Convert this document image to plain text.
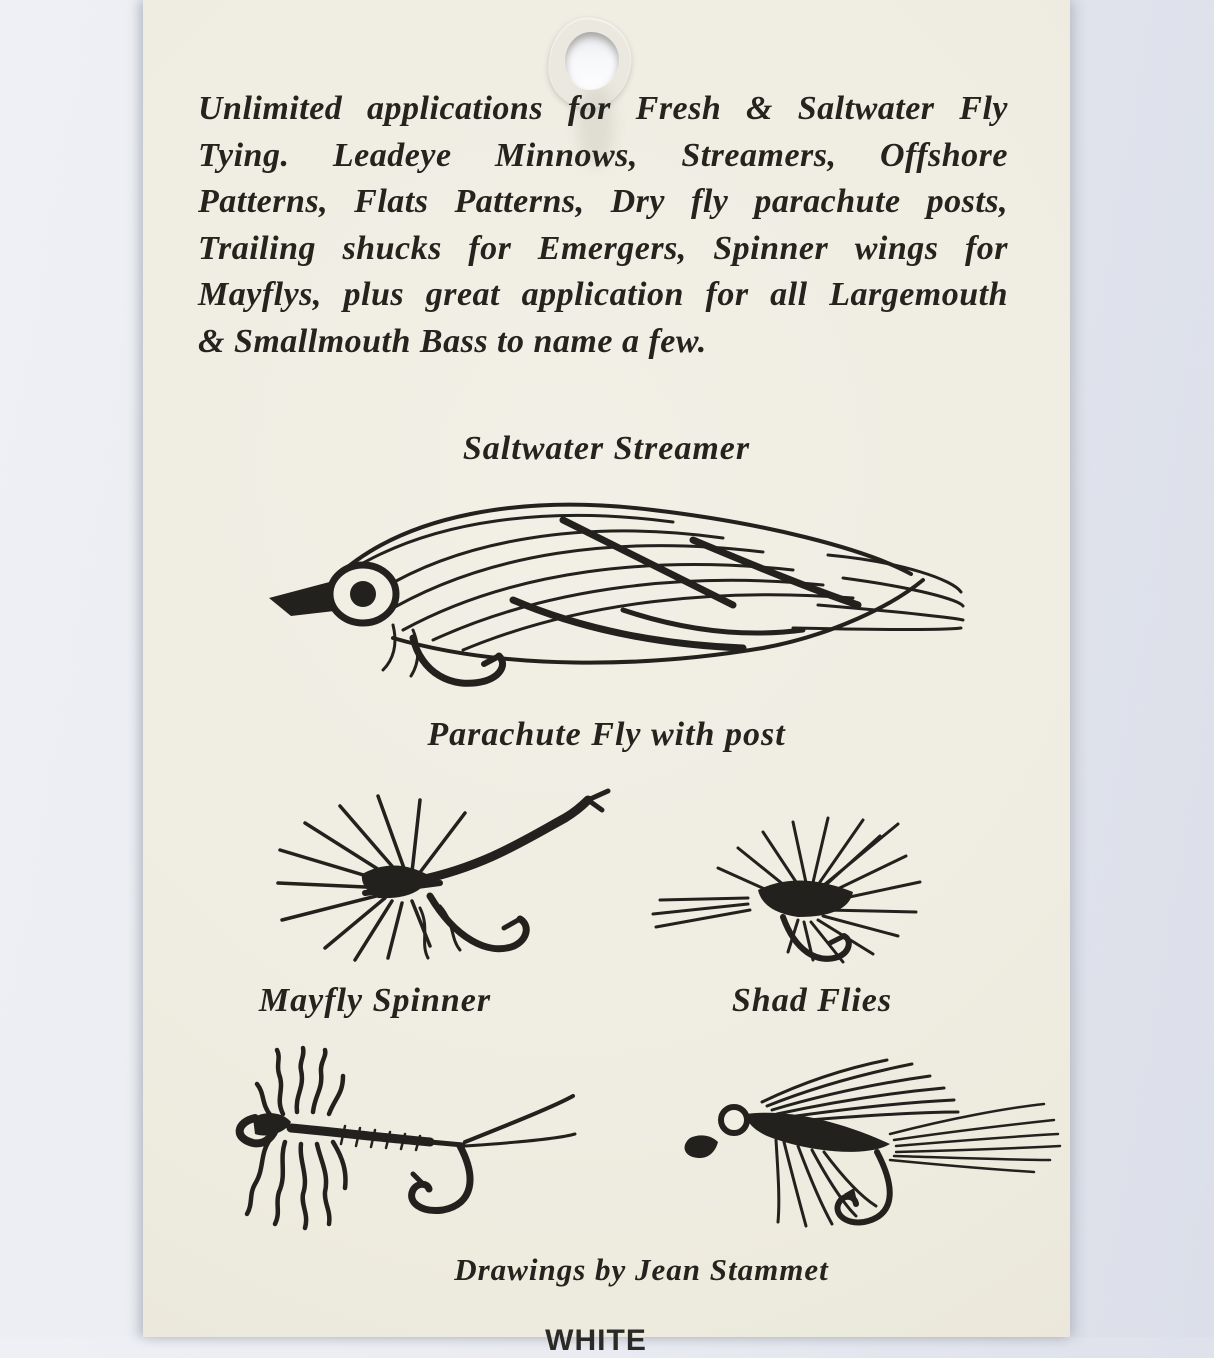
Unlimited applications for Fresh & Saltwater Fly
Tying. Leadeye Minnows, Streamers, Offshore
Patterns, Flats Patterns, Dry fly parachute posts,
Trailing shucks for Emergers, Spinner wings for
Mayflys, plus great application for all Largemouth
& Smallmouth Bass to name a few.
Saltwater Streamer
Parachute Fly with post
Mayfly Spinner	Shad Flies
Drawings by Jean Stammet
WHITE
